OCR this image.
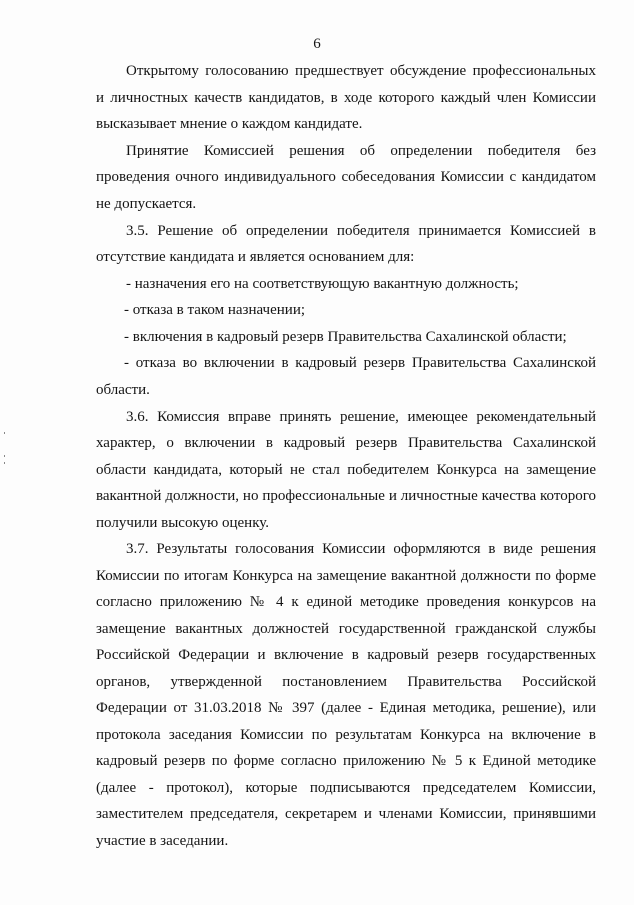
6
Открытому голосованию предшествует обсуждение профессиональных
и личностных качеств кандидатов, в ходе которого каждый член Комиссии
высказывает мнение о каждом кандидате.
Принятие Комиссией решения об определении победителя без
проведения очного индивидуального собеседования Комиссии с кандидатом
не допускается.
3.5. Решение об определении победителя принимается Комиссией в
отсутствие кандидата и является основанием для:
- назначения его на соответствующую вакантную должность;
- отказа в таком назначении;
- включения в кадровый резерв Правительства Сахалинской области;
- отказа во включении в кадровый резерв Правительства Сахалинской
области.
3.6. Комиссия вправе принять решение, имеющее рекомендательный
характер, о включении в кадровый резерв Правительства Сахалинской
области кандидата, который не стал победителем Конкурса на замещение
вакантной должности, но профессиональные и личностные качества которого
получили высокую оценку.
3.7. Результаты голосования Комиссии оформляются в виде решения
Комиссии по итогам Конкурса на замещение вакантной должности по форме
согласно приложению № 4 к единой методике проведения конкурсов на
замещение вакантных должностей государственной гражданской службы
Российской Федерации и включение в кадровый резерв государственных
органов, утвержденной постановлением Правительства Российской
Федерации от 31.03.2018 № 397 (далее - Единая методика, решение), или
протокола заседания Комиссии по результатам Конкурса на включение в
кадровый резерв по форме согласно приложению № 5 к Единой методике
(далее - протокол), которые подписываются председателем Комиссии,
заместителем председателя, секретарем и членами Комиссии, принявшими
участие в заседании.
